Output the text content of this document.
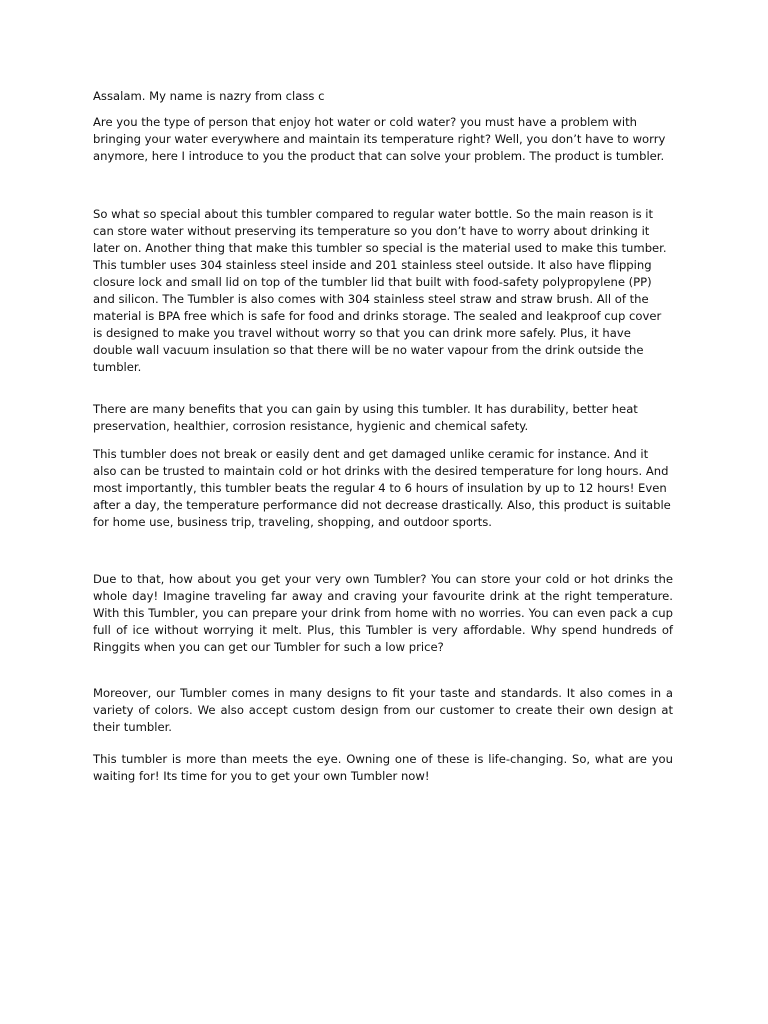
Assalam. My name is nazry from class c

Are you the type of person that enjoy hot water or cold water? you must have a problem with bringing your water everywhere and maintain its temperature right? Well, you don’t have to worry anymore, here I introduce to you the product that can solve your problem. The product is tumbler.

So what so special about this tumbler compared to regular water bottle. So the main reason is it can store water without preserving its temperature so you don’t have to worry about drinking it later on. Another thing that make this tumbler so special is the material used to make this tumber. This tumbler uses 304 stainless steel inside and 201 stainless steel outside. It also have flipping closure lock and small lid on top of the tumbler lid that built with food-safety polypropylene (PP) and silicon. The Tumbler is also comes with 304 stainless steel straw and straw brush. All of the material is BPA free which is safe for food and drinks storage. The sealed and leakproof cup cover is designed to make you travel without worry so that you can drink more safely. Plus, it have double wall vacuum insulation so that there will be no water vapour from the drink outside the tumbler.

There are many benefits that you can gain by using this tumbler. It has durability, better heat preservation, healthier, corrosion resistance, hygienic and chemical safety.

This tumbler does not break or easily dent and get damaged unlike ceramic for instance. And it also can be trusted to maintain cold or hot drinks with the desired temperature for long hours. And most importantly, this tumbler beats the regular 4 to 6 hours of insulation by up to 12 hours! Even after a day, the temperature performance did not decrease drastically. Also, this product is suitable for home use, business trip, traveling, shopping, and outdoor sports.

Due to that, how about you get your very own Tumbler? You can store your cold or hot drinks the whole day! Imagine traveling far away and craving your favourite drink at the right temperature. With this Tumbler, you can prepare your drink from home with no worries. You can even pack a cup full of ice without worrying it melt. Plus, this Tumbler is very affordable. Why spend hundreds of Ringgits when you can get our Tumbler for such a low price?

Moreover, our Tumbler comes in many designs to fit your taste and standards. It also comes in a variety of colors. We also accept custom design from our customer to create their own design at their tumbler.

This tumbler is more than meets the eye. Owning one of these is life-changing. So, what are you waiting for! Its time for you to get your own Tumbler now!
